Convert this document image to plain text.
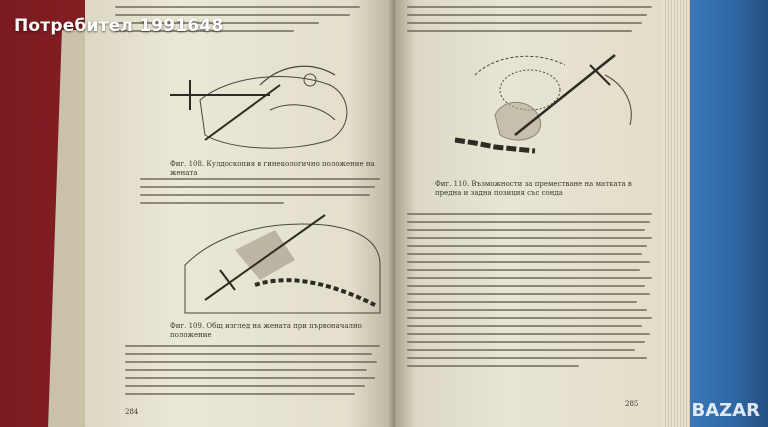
Фиг. 108. Кулдоскопия в гинекологично положение на жената
Фиг. 109. Общ изглед на жената при първоначално положение
284
Фиг. 110. Възможности за преместване на матката в предна и задна позиция със сонда
285
Потребител 1991648
BAZAR
